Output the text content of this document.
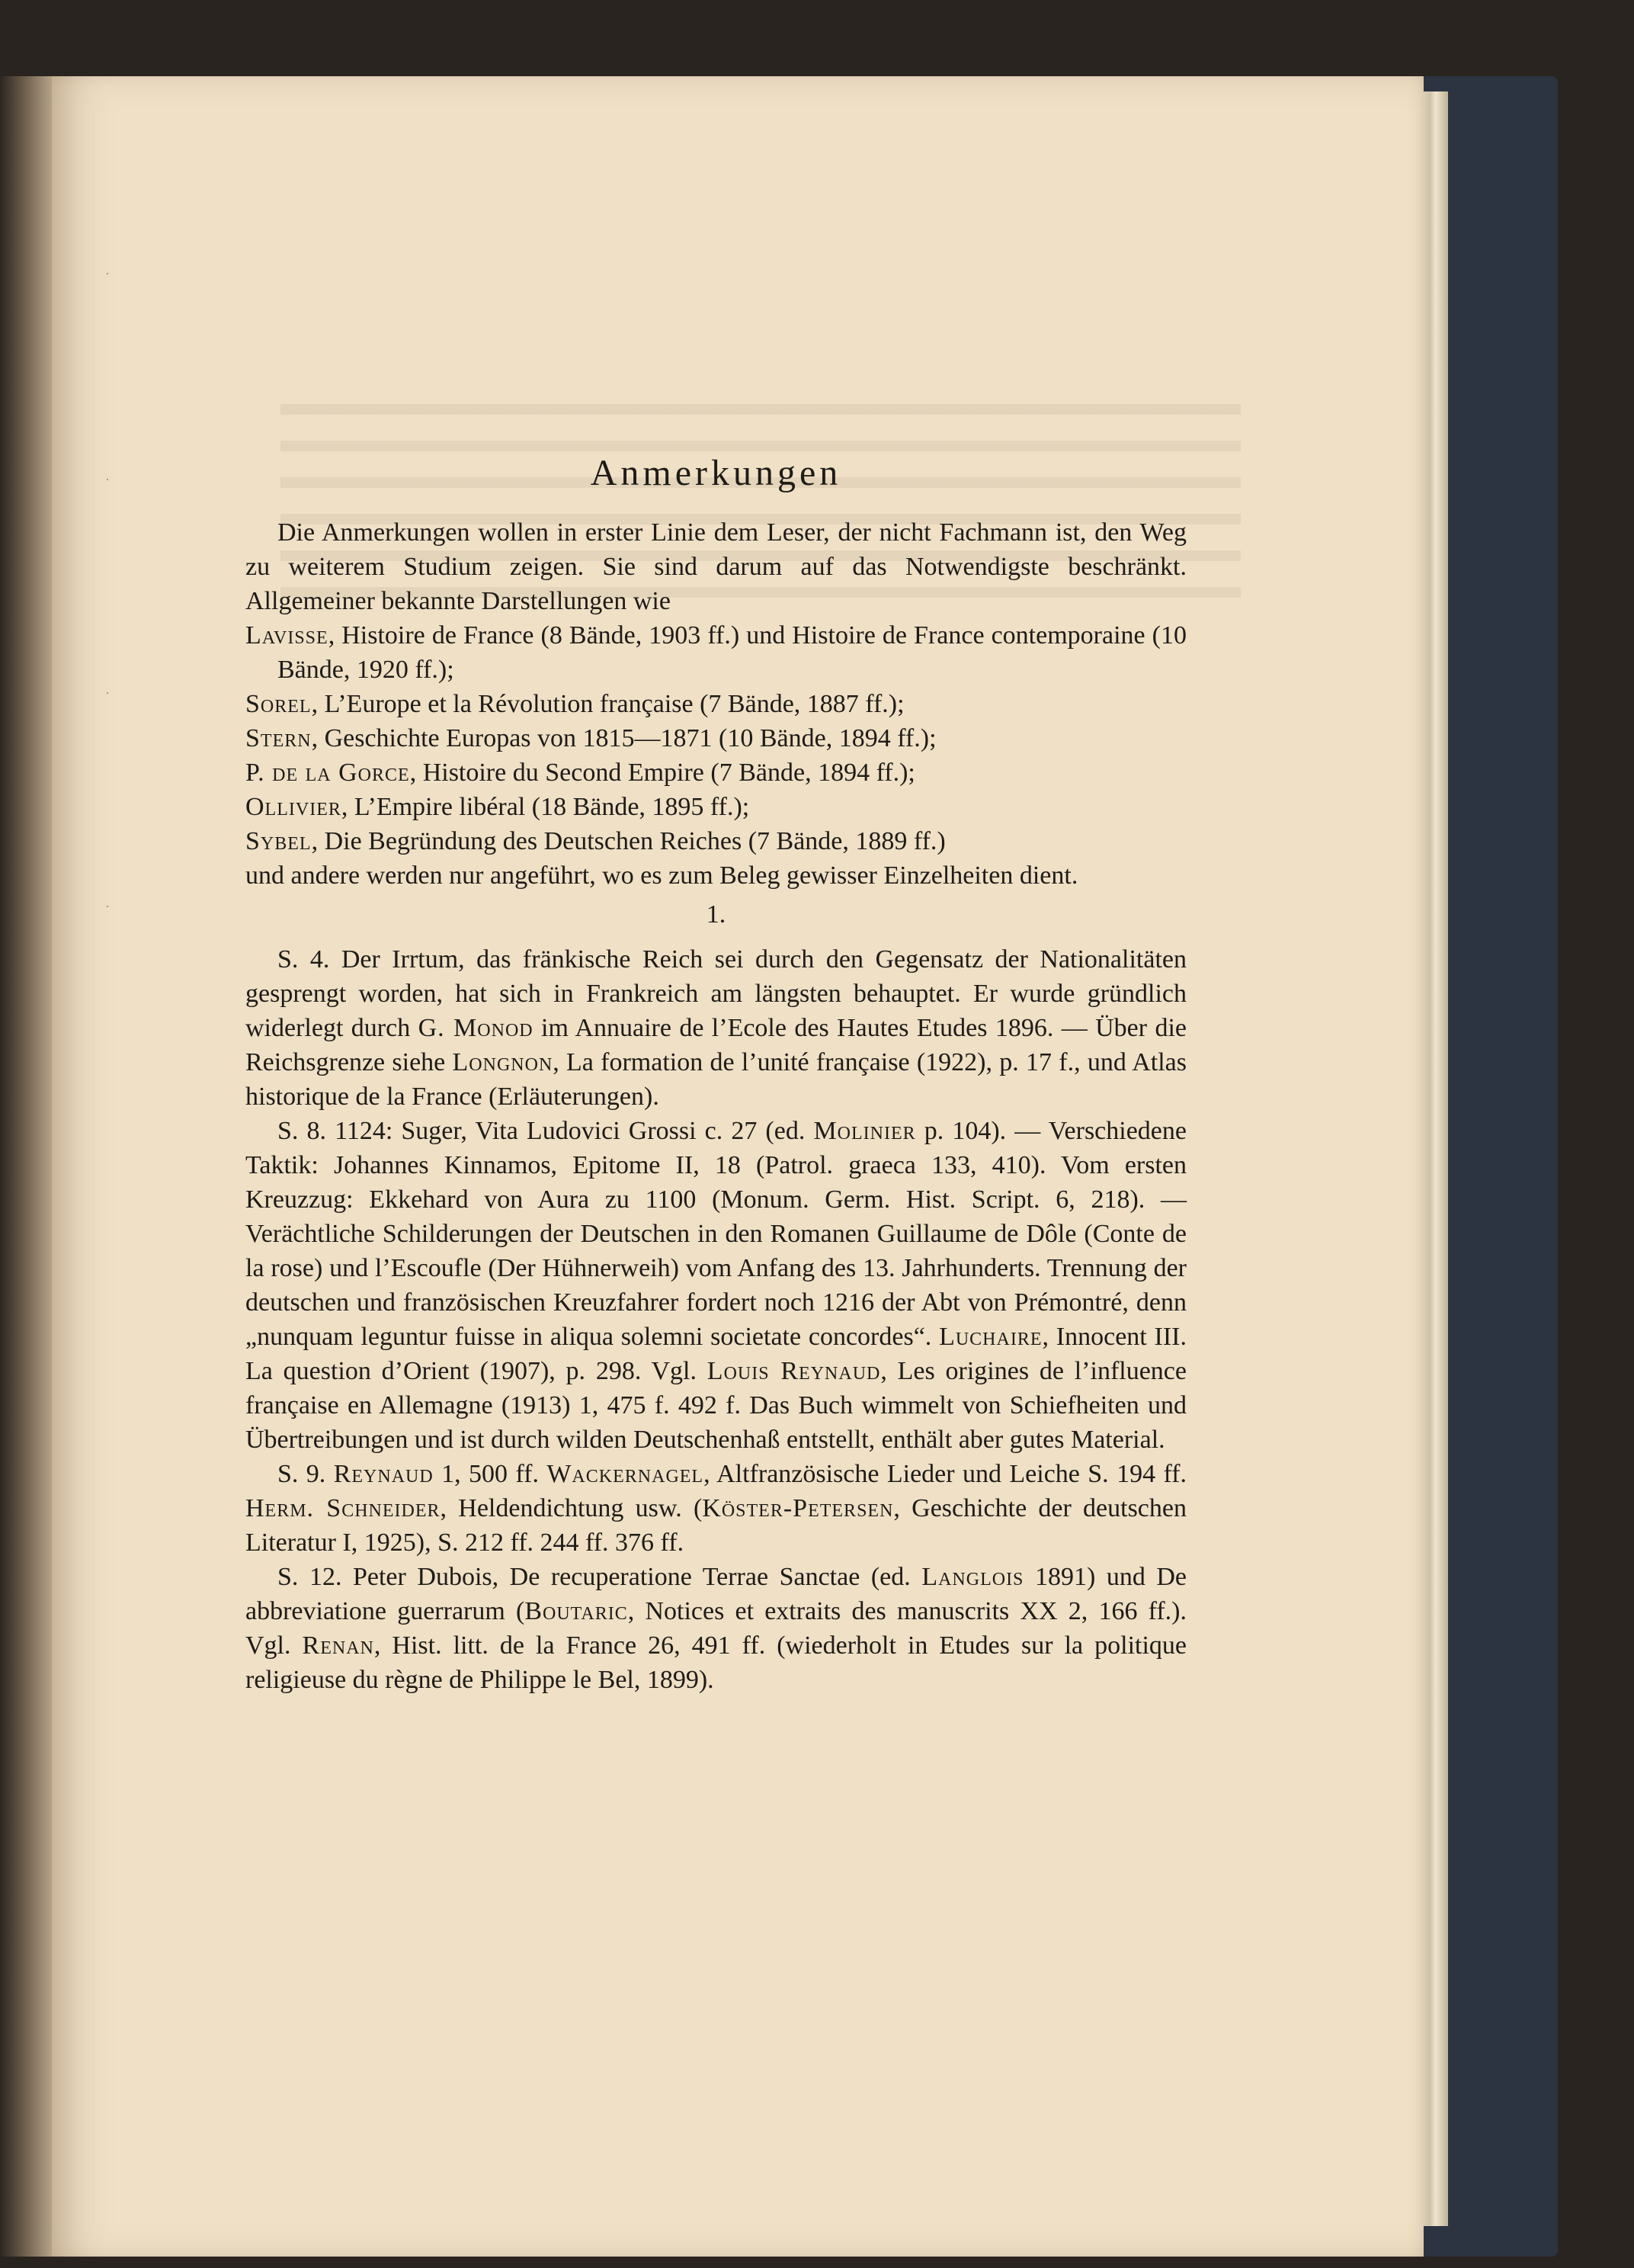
·
·
·
·
Anmerkungen

Die Anmerkungen wollen in erster Linie dem Leser, der nicht Fachmann ist, den Weg zu weiterem Studium zeigen. Sie sind darum auf das Notwendigste beschränkt. Allgemeiner bekannte Darstellungen wie

Lavisse, Histoire de France (8 Bände, 1903 ff.) und Histoire de France contemporaine (10 Bände, 1920 ff.);

Sorel, L’Europe et la Révolution française (7 Bände, 1887 ff.);

Stern, Geschichte Europas von 1815—1871 (10 Bände, 1894 ff.);

P. de la Gorce, Histoire du Second Empire (7 Bände, 1894 ff.);

Ollivier, L’Empire libéral (18 Bände, 1895 ff.);

Sybel, Die Begründung des Deutschen Reiches (7 Bände, 1889 ff.)

und andere werden nur angeführt, wo es zum Beleg gewisser Einzelheiten dient.

1.

S. 4. Der Irrtum, das fränkische Reich sei durch den Gegensatz der Nationalitäten gesprengt worden, hat sich in Frankreich am längsten behauptet. Er wurde gründlich widerlegt durch G. Monod im Annuaire de l’Ecole des Hautes Etudes 1896. — Über die Reichsgrenze siehe Longnon, La formation de l’unité française (1922), p. 17 f., und Atlas historique de la France (Erläuterungen).

S. 8. 1124: Suger, Vita Ludovici Grossi c. 27 (ed. Molinier p. 104). — Verschiedene Taktik: Johannes Kinnamos, Epitome II, 18 (Patrol. graeca 133, 410). Vom ersten Kreuzzug: Ekkehard von Aura zu 1100 (Monum. Germ. Hist. Script. 6, 218). — Verächtliche Schilderungen der Deutschen in den Romanen Guillaume de Dôle (Conte de la rose) und l’Escoufle (Der Hühnerweih) vom Anfang des 13. Jahrhunderts. Trennung der deutschen und französischen Kreuzfahrer fordert noch 1216 der Abt von Prémontré, denn „nunquam leguntur fuisse in aliqua solemni societate concordes“. Luchaire, Innocent III. La question d’Orient (1907), p. 298. Vgl. Louis Reynaud, Les origines de l’influence française en Allemagne (1913) 1, 475 f. 492 f. Das Buch wimmelt von Schiefheiten und Übertreibungen und ist durch wilden Deutschenhaß entstellt, enthält aber gutes Material.

S. 9. Reynaud 1, 500 ff. Wackernagel, Altfranzösische Lieder und Leiche S. 194 ff. Herm. Schneider, Heldendichtung usw. (Köster-Petersen, Geschichte der deutschen Literatur I, 1925), S. 212 ff. 244 ff. 376 ff.

S. 12. Peter Dubois, De recuperatione Terrae Sanctae (ed. Langlois 1891) und De abbreviatione guerrarum (Boutaric, Notices et extraits des manuscrits XX 2, 166 ff.). Vgl. Renan, Hist. litt. de la France 26, 491 ff. (wiederholt in Etudes sur la politique religieuse du règne de Philippe le Bel, 1899).
